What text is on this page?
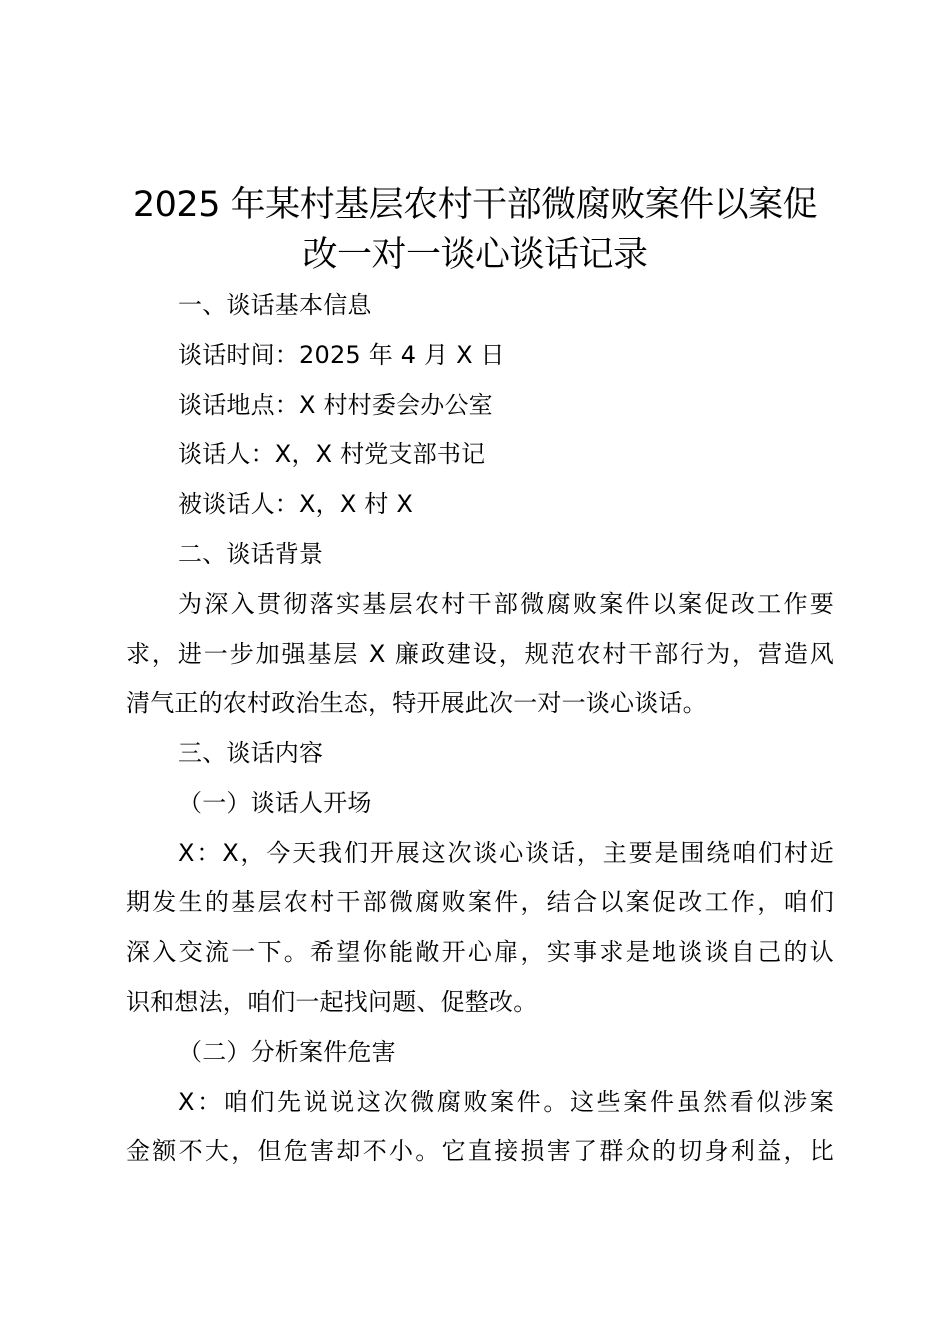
2025 年某村基层农村干部微腐败案件以案促
改一对一谈心谈话记录
一、谈话基本信息
谈话时间：2025 年 4 月 X 日
谈话地点：X 村村委会办公室
谈话人：X，X 村党支部书记
被谈话人：X，X 村 X
二、谈话背景
为深入贯彻落实基层农村干部微腐败案件以案促改工作要
求，进一步加强基层 X 廉政建设，规范农村干部行为，营造风
清气正的农村政治生态，特开展此次一对一谈心谈话。
三、谈话内容
（一）谈话人开场
X：X，今天我们开展这次谈心谈话，主要是围绕咱们村近
期发生的基层农村干部微腐败案件，结合以案促改工作，咱们
深入交流一下。希望你能敞开心扉，实事求是地谈谈自己的认
识和想法，咱们一起找问题、促整改。
（二）分析案件危害
X：咱们先说说这次微腐败案件。这些案件虽然看似涉案
金额不大，但危害却不小。它直接损害了群众的切身利益，比
